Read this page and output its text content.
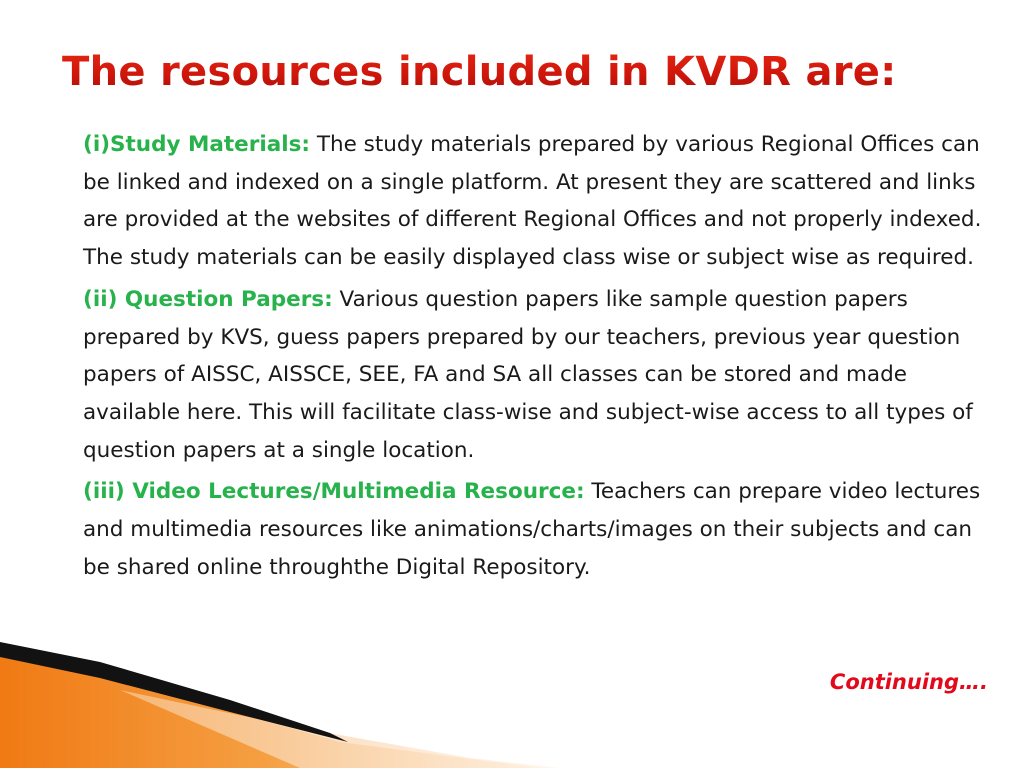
The resources included in KVDR are:

(i)Study Materials: The study materials prepared by various Regional Offices can be linked and indexed on a single platform. At present they are scattered and links are provided at the websites of different Regional Offices and not properly indexed. The study materials can be easily displayed class wise or subject wise as required.

(ii) Question Papers: Various question papers like sample question papers prepared by KVS, guess papers prepared by our teachers, previous year question papers of AISSC, AISSCE, SEE, FA and SA all classes can be stored and made available here. This will facilitate class-wise and subject-wise access to all types of question papers at a single location.

(iii) Video Lectures/Multimedia Resource: Teachers can prepare video lectures and multimedia resources like animations/charts/images on their subjects and can be shared online throughthe Digital Repository.

Continuing….
